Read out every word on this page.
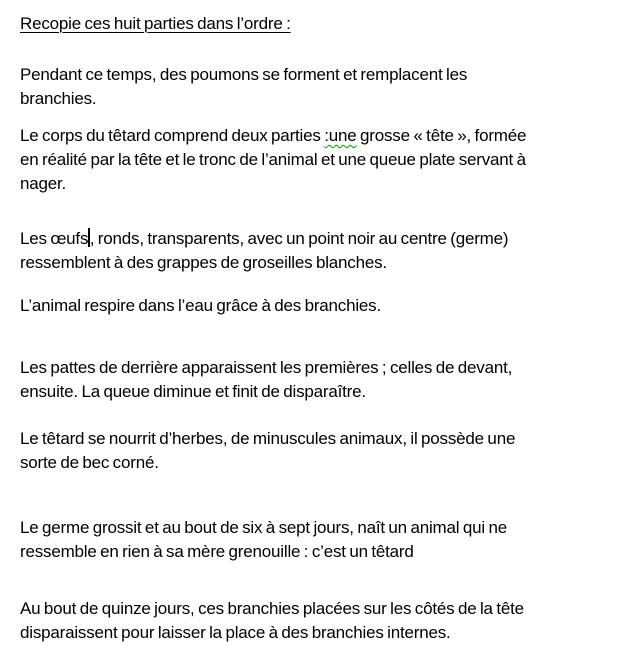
Recopie ces huit parties dans l’ordre :
Pendant ce temps, des poumons se forment et remplacent les
branchies.
Le corps du têtard comprend deux parties :une grosse « tête », formée
en réalité par la tête et le tronc de l’animal et une queue plate servant à
nager.
Les œufs, ronds, transparents, avec un point noir au centre (germe)
ressemblent à des grappes de groseilles blanches.
L’animal respire dans l’eau grâce à des branchies.
Les pattes de derrière apparaissent les premières ; celles de devant,
ensuite. La queue diminue et finit de disparaître.
Le têtard se nourrit d’herbes, de minuscules animaux, il possède une
sorte de bec corné.
Le germe grossit et au bout de six à sept jours, naît un animal qui ne
ressemble en rien à sa mère grenouille : c’est un têtard
Au bout de quinze jours, ces branchies placées sur les côtés de la tête
disparaissent pour laisser la place à des branchies internes.
